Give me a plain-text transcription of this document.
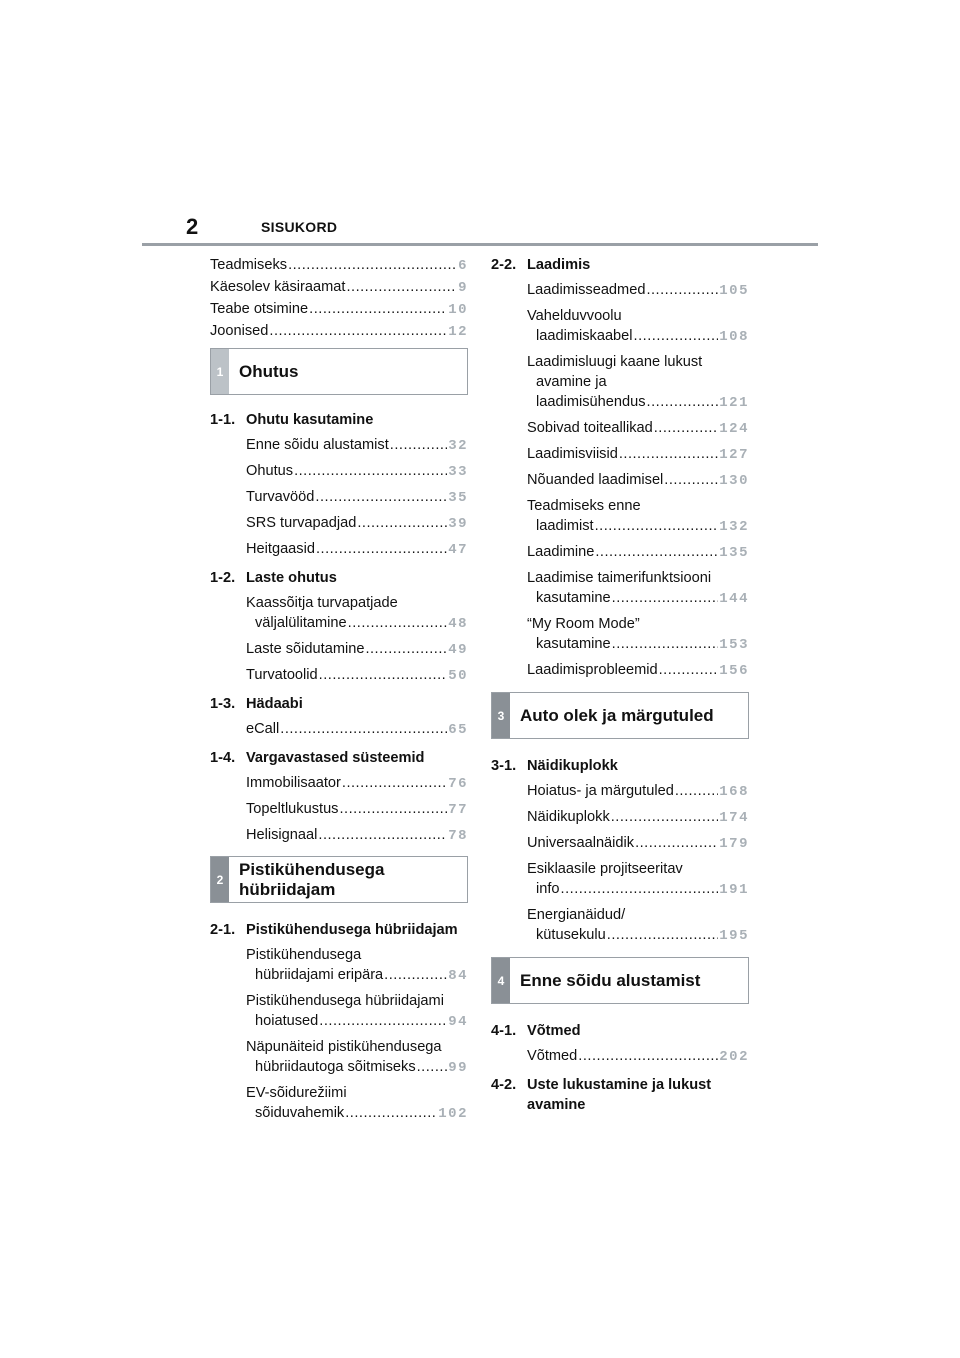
2	SISUKORD
Teadmiseks .....	6
Käesolev käsiraamat .....	9
Teabe otsimine .....	10
Joonised .....	12
1 Ohutus
1-1. Ohutu kasutamine
Enne sõidu alustamist .....	32
Ohutus .....	33
Turvavööd .....	35
SRS turvapadjad .....	39
Heitgaasid .....	47
1-2. Laste ohutus
Kaassõitja turvapatjade
väljalülitamine .....	48
Laste sõidutamine .....	49
Turvatoolid .....	50
1-3. Hädaabi
eCall .....	65
1-4. Vargavastased süsteemid
Immobilisaator .....	76
Topeltlukustus .....	77
Helisignaal .....	78
2
Pistikühendusega
hübriidajam
2-1. Pistikühendusega hübriidajam
Pistikühendusega
hübriidajami eripära .....	84
Pistikühendusega hübriidajami
hoiatused .....	94
Näpunäiteid pistikühendusega
hübriidautoga sõitmiseks ..... 99
EV-sõidurežiimi
sõiduvahemik .....	102
2-2. Laadimis
Laadimisseadmed .....	105
Vahelduvvoolu
laadimiskaabel .....	108
Laadimisluugi kaane lukust
avamine ja
laadimisühendus .....	121
Sobivad toiteallikad .....	124
Laadimisviisid .....	127
Nõuanded laadimisel .....	130
Teadmiseks enne
laadimist .....	132
Laadimine .....	135
Laadimise taimerifunktsiooni
kasutamine .....	144
“My Room Mode”
kasutamine .....	153
Laadimisprobleemid .....	156
3 Auto olek ja märgutuled
3-1. Näidikuplokk
Hoiatus- ja märgutuled .....	168
Näidikuplokk .....	174
Universaalnäidik .....	179
Esiklaasile projitseeritav
info .....	191
Energianäidud/
kütusekulu .....	195
4 Enne sõidu alustamist
4-1. Võtmed
Võtmed .....	202
4-2. Uste lukustamine ja lukust
avamine
